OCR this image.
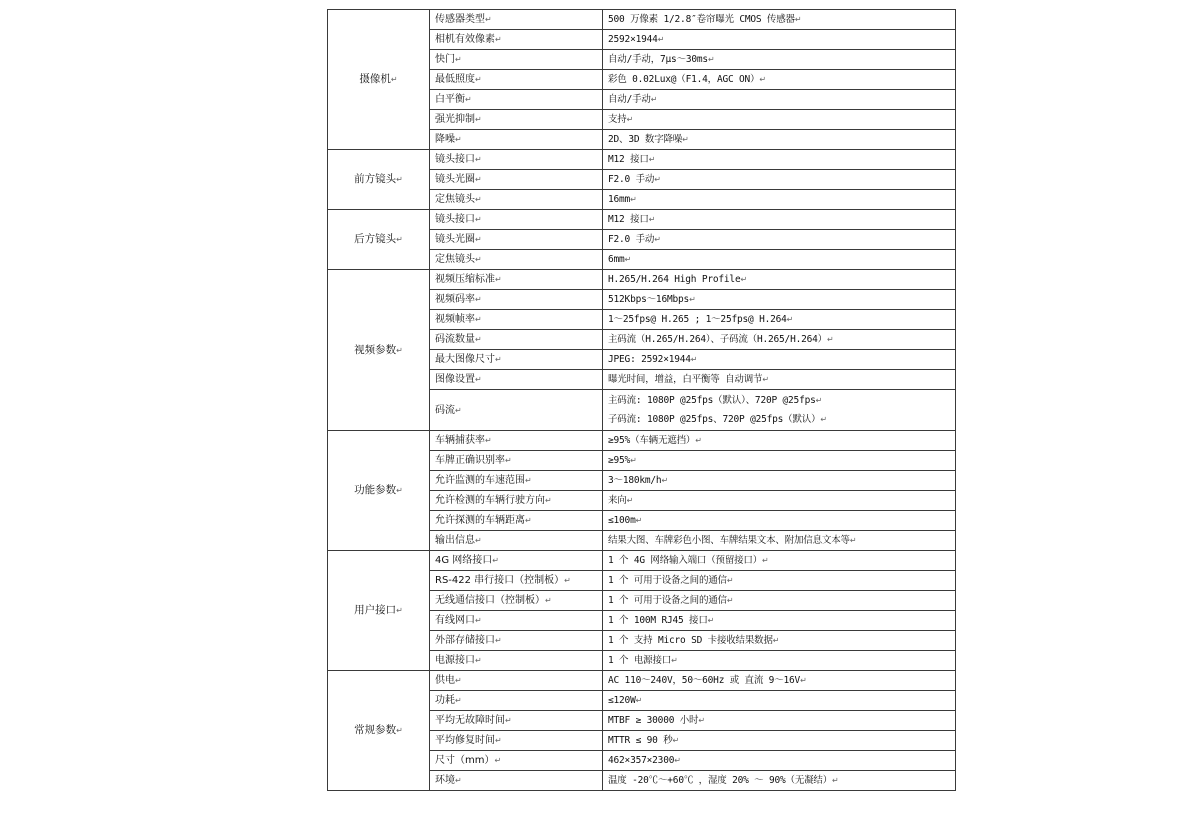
摄像机↵	传感器类型↵	500 万像素 1/2.8″卷帘曝光 CMOS 传感器↵

	相机有效像素↵	2592×1944↵

	快门↵	自动/手动，7μs～30ms↵

	最低照度↵	彩色 0.02Lux@（F1.4，AGC ON）↵

	白平衡↵	自动/手动↵

	强光抑制↵	支持↵

	降噪↵	2D、3D 数字降噪↵

前方镜头↵	镜头接口↵	M12 接口↵

	镜头光圈↵	F2.0 手动↵

	定焦镜头↵	16mm↵

后方镜头↵	镜头接口↵	M12 接口↵

	镜头光圈↵	F2.0 手动↵

	定焦镜头↵	6mm↵

视频参数↵	视频压缩标准↵	H.265/H.264 High Profile↵

	视频码率↵	512Kbps～16Mbps↵

	视频帧率↵	1～25fps@ H.265 ; 1～25fps@ H.264↵

	码流数量↵	主码流（H.265/H.264）、子码流（H.265/H.264）↵

	最大图像尺寸↵	JPEG: 2592×1944↵

	图像设置↵	曝光时间，增益，白平衡等 自动调节↵

	码流↵	主码流: 1080P @25fps（默认）、720P @25fps↵
子码流: 1080P @25fps、720P @25fps（默认）↵

功能参数↵	车辆捕获率↵	≥95%（车辆无遮挡）↵

	车牌正确识别率↵	≥95%↵

	允许监测的车速范围↵	3～180km/h↵

	允许检测的车辆行驶方向↵	来向↵

	允许探测的车辆距离↵	≤100m↵

	输出信息↵	结果大图、车牌彩色小图、车牌结果文本、附加信息文本等↵

用户接口↵	4G 网络接口↵	1 个 4G 网络输入端口（预留接口）↵

	RS-422 串行接口（控制板）↵	1 个 可用于设备之间的通信↵

	无线通信接口（控制板）↵	1 个 可用于设备之间的通信↵

	有线网口↵	1 个 100M RJ45 接口↵

	外部存储接口↵	1 个 支持 Micro SD 卡接收结果数据↵

	电源接口↵	1 个 电源接口↵

常规参数↵	供电↵	AC 110～240V，50～60Hz 或 直流 9～16V↵

	功耗↵	≤120W↵

	平均无故障时间↵	MTBF ≥ 30000 小时↵

	平均修复时间↵	MTTR ≤ 90 秒↵

	尺寸（mm）↵	462×357×2300↵

	环境↵	温度 -20℃～+60℃ ，湿度 20% ～ 90%（无凝结）↵
